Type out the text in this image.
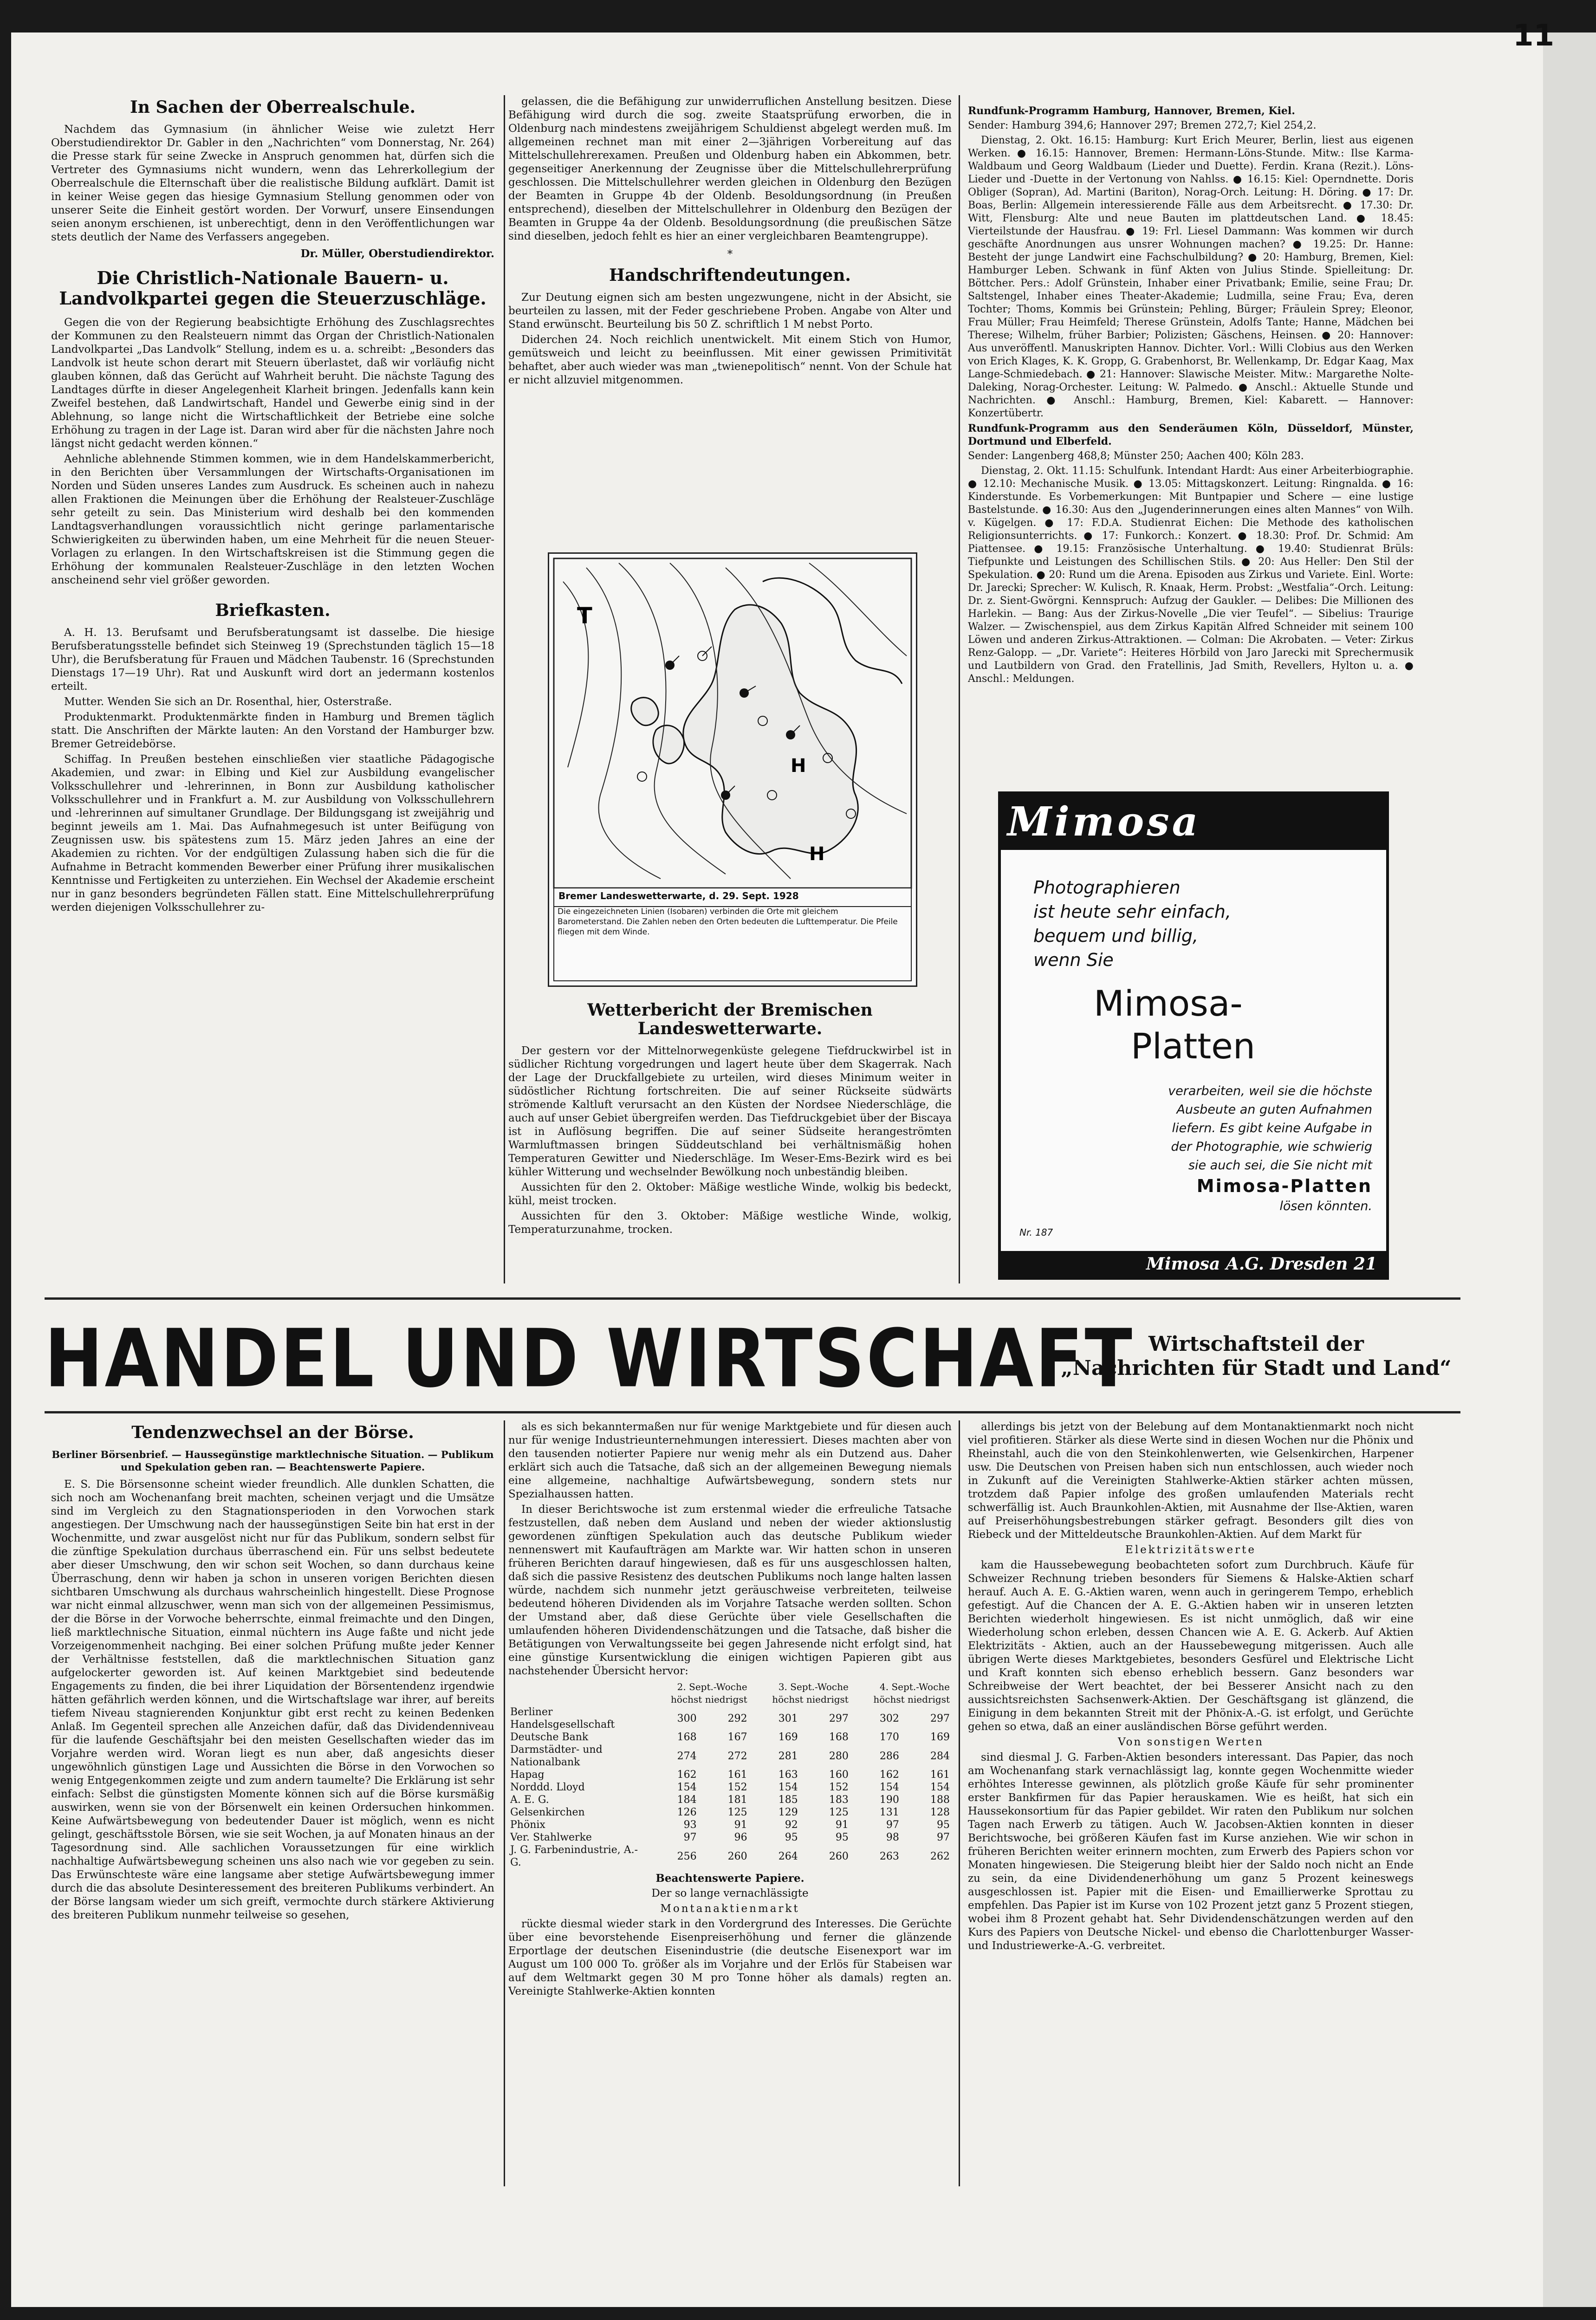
11
In Sachen der Oberrealschule.

Nachdem das Gymnasium (in ähnlicher Weise wie zuletzt Herr Oberstudiendirektor Dr. Gabler in den „Nachrichten“ vom Donnerstag, Nr. 264) die Presse stark für seine Zwecke in Anspruch genommen hat, dürfen sich die Vertreter des Gymnasiums nicht wundern, wenn das Lehrerkollegium der Oberrealschule die Elternschaft über die realistische Bildung aufklärt. Damit ist in keiner Weise gegen das hiesige Gymnasium Stellung genommen oder von unserer Seite die Einheit gestört worden. Der Vorwurf, unsere Einsendungen seien anonym erschienen, ist unberechtigt, denn in den Veröffentlichungen war stets deutlich der Name des Verfassers angegeben.

Dr. Müller, Oberstudiendirektor.
Die Christlich-Nationale Bauern- u. Landvolkpartei gegen die Steuerzuschläge.

Gegen die von der Regierung beabsichtigte Erhöhung des Zuschlagsrechtes der Kommunen zu den Realsteuern nimmt das Organ der Christlich-Nationalen Landvolkpartei „Das Landvolk“ Stellung, indem es u. a. schreibt: „Besonders das Landvolk ist heute schon derart mit Steuern überlastet, daß wir vorläufig nicht glauben können, daß das Gerücht auf Wahrheit beruht. Die nächste Tagung des Landtages dürfte in dieser Angelegenheit Klarheit bringen. Jedenfalls kann kein Zweifel bestehen, daß Landwirtschaft, Handel und Gewerbe einig sind in der Ablehnung, so lange nicht die Wirtschaftlichkeit der Betriebe eine solche Erhöhung zu tragen in der Lage ist. Daran wird aber für die nächsten Jahre noch längst nicht gedacht werden können.“

Aehnliche ablehnende Stimmen kommen, wie in dem Handelskammerbericht, in den Berichten über Versammlungen der Wirtschafts-Organisationen im Norden und Süden unseres Landes zum Ausdruck. Es scheinen auch in nahezu allen Fraktionen die Meinungen über die Erhöhung der Realsteuer-Zuschläge sehr geteilt zu sein. Das Ministerium wird deshalb bei den kommenden Landtagsverhandlungen voraussichtlich nicht geringe parlamentarische Schwierigkeiten zu überwinden haben, um eine Mehrheit für die neuen Steuer-Vorlagen zu erlangen. In den Wirtschaftskreisen ist die Stimmung gegen die Erhöhung der kommunalen Realsteuer-Zuschläge in den letzten Wochen anscheinend sehr viel größer geworden.

Briefkasten.

A. H. 13. Berufsamt und Berufsberatungsamt ist dasselbe. Die hiesige Berufsberatungsstelle befindet sich Steinweg 19 (Sprechstunden täglich 15—18 Uhr), die Berufsberatung für Frauen und Mädchen Taubenstr. 16 (Sprechstunden Dienstags 17—19 Uhr). Rat und Auskunft wird dort an jedermann kostenlos erteilt.

Mutter. Wenden Sie sich an Dr. Rosenthal, hier, Osterstraße.

Produktenmarkt. Produktenmärkte finden in Hamburg und Bremen täglich statt. Die Anschriften der Märkte lauten: An den Vorstand der Hamburger bzw. Bremer Getreidebörse.

Schiffag. In Preußen bestehen einschließen vier staatliche Pädagogische Akademien, und zwar: in Elbing und Kiel zur Ausbildung evangelischer Volksschullehrer und -lehrerinnen, in Bonn zur Ausbildung katholischer Volksschullehrer und in Frankfurt a. M. zur Ausbildung von Volksschullehrern und -lehrerinnen auf simultaner Grundlage. Der Bildungsgang ist zweijährig und beginnt jeweils am 1. Mai. Das Aufnahmegesuch ist unter Beifügung von Zeugnissen usw. bis spätestens zum 15. März jeden Jahres an eine der Akademien zu richten. Vor der endgültigen Zulassung haben sich die für die Aufnahme in Betracht kommenden Bewerber einer Prüfung ihrer musikalischen Kenntnisse und Fertigkeiten zu unterziehen. Ein Wechsel der Akademie erscheint nur in ganz besonders begründeten Fällen statt. Eine Mittelschullehrerprüfung werden diejenigen Volksschullehrer zu-

gelassen, die die Befähigung zur unwiderruflichen Anstellung besitzen. Diese Befähigung wird durch die sog. zweite Staatsprüfung erworben, die in Oldenburg nach mindestens zweijährigem Schuldienst abgelegt werden muß. Im allgemeinen rechnet man mit einer 2—3jährigen Vorbereitung auf das Mittelschullehrerexamen. Preußen und Oldenburg haben ein Abkommen, betr. gegenseitiger Anerkennung der Zeugnisse über die Mittelschullehrerprüfung geschlossen. Die Mittelschullehrer werden gleichen in Oldenburg den Bezügen der Beamten in Gruppe 4b der Oldenb. Besoldungsordnung (in Preußen entsprechend), dieselben der Mittelschullehrer in Oldenburg den Bezügen der Beamten in Gruppe 4a der Oldenb. Besoldungsordnung (die preußischen Sätze sind dieselben, jedoch fehlt es hier an einer vergleichbaren Beamtengruppe).

*
Handschriftendeutungen.

Zur Deutung eignen sich am besten ungezwungene, nicht in der Absicht, sie beurteilen zu lassen, mit der Feder geschriebene Proben. Angabe von Alter und Stand erwünscht. Beurteilung bis 50 Z. schriftlich 1 M nebst Porto.

Diderchen 24. Noch reichlich unentwickelt. Mit einem Stich von Humor, gemütsweich und leicht zu beeinflussen. Mit einer gewissen Primitivität behaftet, aber auch wieder was man „twienepolitisch“ nennt. Von der Schule hat er nicht allzuviel mitgenommen.

T
H
H
Bremer Landeswetterwarte, d. 29. Sept. 1928
Die eingezeichneten Linien (Isobaren) verbinden die Orte mit gleichem Barometerstand. Die Zahlen neben den Orten bedeuten die Lufttemperatur. Die Pfeile fliegen mit dem Winde.
Wetterbericht der Bremischen Landeswetterwarte.

Der gestern vor der Mittelnorwegenküste gelegene Tiefdruckwirbel ist in südlicher Richtung vorgedrungen und lagert heute über dem Skagerrak. Nach der Lage der Druckfallgebiete zu urteilen, wird dieses Minimum weiter in südöstlicher Richtung fortschreiten. Die auf seiner Rückseite südwärts strömende Kaltluft verursacht an den Küsten der Nordsee Niederschläge, die auch auf unser Gebiet übergreifen werden. Das Tiefdruckgebiet über der Biscaya ist in Auflösung begriffen. Die auf seiner Südseite herangeströmten Warmluftmassen bringen Süddeutschland bei verhältnismäßig hohen Temperaturen Gewitter und Niederschläge. Im Weser-Ems-Bezirk wird es bei kühler Witterung und wechselnder Bewölkung noch unbeständig bleiben.

Aussichten für den 2. Oktober: Mäßige westliche Winde, wolkig bis bedeckt, kühl, meist trocken.

Aussichten für den 3. Oktober: Mäßige westliche Winde, wolkig, Temperaturzunahme, trocken.

Rundfunk-Programm Hamburg, Hannover, Bremen, Kiel.

Sender: Hamburg 394,6; Hannover 297; Bremen 272,7; Kiel 254,2.

Dienstag, 2. Okt. 16.15: Hamburg: Kurt Erich Meurer, Berlin, liest aus eigenen Werken. ● 16.15: Hannover, Bremen: Hermann-Löns-Stunde. Mitw.: Ilse Karma-Waldbaum und Georg Waldbaum (Lieder und Duette). Ferdin. Krana (Rezit.). Löns-Lieder und -Duette in der Vertonung von Nahlss. ● 16.15: Kiel: Operndnette. Doris Obliger (Sopran), Ad. Martini (Bariton), Norag-Orch. Leitung: H. Döring. ● 17: Dr. Boas, Berlin: Allgemein interessierende Fälle aus dem Arbeitsrecht. ● 17.30: Dr. Witt, Flensburg: Alte und neue Bauten im plattdeutschen Land. ● 18.45: Vierteilstunde der Hausfrau. ● 19: Frl. Liesel Dammann: Was kommen wir durch geschäfte Anordnungen aus unsrer Wohnungen machen? ● 19.25: Dr. Hanne: Besteht der junge Landwirt eine Fachschulbildung? ● 20: Hamburg, Bremen, Kiel: Hamburger Leben. Schwank in fünf Akten von Julius Stinde. Spielleitung: Dr. Böttcher. Pers.: Adolf Grünstein, Inhaber einer Privatbank; Emilie, seine Frau; Dr. Saltstengel, Inhaber eines Theater-Akademie; Ludmilla, seine Frau; Eva, deren Tochter; Thoms, Kommis bei Grünstein; Pehling, Bürger; Fräulein Sprey; Eleonor, Frau Müller; Frau Heimfeld; Therese Grünstein, Adolfs Tante; Hanne, Mädchen bei Therese; Wilhelm, früher Barbier; Polizisten; Gäschens, Heinsen. ● 20: Hannover: Aus unveröffentl. Manuskripten Hannov. Dichter. Vorl.: Willi Clobius aus den Werken von Erich Klages, K. K. Gropp, G. Grabenhorst, Br. Wellenkamp, Dr. Edgar Kaag, Max Lange-Schmiedebach. ● 21: Hannover: Slawische Meister. Mitw.: Margarethe Nolte-Daleking, Norag-Orchester. Leitung: W. Palmedo. ● Anschl.: Aktuelle Stunde und Nachrichten. ● Anschl.: Hamburg, Bremen, Kiel: Kabarett. — Hannover: Konzertübertr.

Rundfunk-Programm aus den Senderäumen Köln, Düsseldorf, Münster, Dortmund und Elberfeld.

Sender: Langenberg 468,8; Münster 250; Aachen 400; Köln 283.

Dienstag, 2. Okt. 11.15: Schulfunk. Intendant Hardt: Aus einer Arbeiterbiographie. ● 12.10: Mechanische Musik. ● 13.05: Mittagskonzert. Leitung: Ringnalda. ● 16: Kinderstunde. Es Vorbemerkungen: Mit Buntpapier und Schere — eine lustige Bastelstunde. ● 16.30: Aus den „Jugenderinnerungen eines alten Mannes“ von Wilh. v. Kügelgen. ● 17: F.D.A. Studienrat Eichen: Die Methode des katholischen Religionsunterrichts. ● 17: Funkorch.: Konzert. ● 18.30: Prof. Dr. Schmid: Am Piattensee. ● 19.15: Französische Unterhaltung. ● 19.40: Studienrat Brüls: Tiefpunkte und Leistungen des Schillischen Stils. ● 20: Aus Heller: Den Stil der Spekulation. ● 20: Rund um die Arena. Episoden aus Zirkus und Variete. Einl. Worte: Dr. Jarecki; Sprecher: W. Kulisch, R. Knaak, Herm. Probst: „Westfalia“-Orch. Leitung: Dr. z. Sient-Gwörgni. Kennspruch: Aufzug der Gaukler. — Delibes: Die Millionen des Harlekin. — Bang: Aus der Zirkus-Novelle „Die vier Teufel“. — Sibelius: Traurige Walzer. — Zwischenspiel, aus dem Zirkus Kapitän Alfred Schneider mit seinem 100 Löwen und anderen Zirkus-Attraktionen. — Colman: Die Akrobaten. — Veter: Zirkus Renz-Galopp. — „Dr. Variete“: Heiteres Hörbild von Jaro Jarecki mit Sprechermusik und Lautbildern von Grad. den Fratellinis, Jad Smith, Revellers, Hylton u. a. ● Anschl.: Meldungen.

Mimosa
Photographieren
ist heute sehr einfach,
bequem und billig,
wenn Sie
Mimosa-
Platten
verarbeiten, weil sie die höchste
Ausbeute an guten Aufnahmen
liefern. Es gibt keine Aufgabe in
der Photographie, wie schwierig
sie auch sei, die Sie nicht mit
Mimosa-Platten
lösen könnten.
Nr. 187
Mimosa A.G. Dresden 21
HANDEL UND WIRTSCHAFT Wirtschaftsteil der
„Nachrichten für Stadt und Land“
Tendenzwechsel an der Börse.

Berliner Börsenbrief. — Haussegünstige marktlechnische Situation. — Publikum und Spekulation geben ran. — Beachtenswerte Papiere.

E. S. Die Börsensonne scheint wieder freundlich. Alle dunklen Schatten, die sich noch am Wochenanfang breit machten, scheinen verjagt und die Umsätze sind im Vergleich zu den Stagnationsperioden in den Vorwochen stark angestiegen. Der Umschwung nach der haussegünstigen Seite bin hat erst in der Wochenmitte, und zwar ausgelöst nicht nur für das Publikum, sondern selbst für die zünftige Spekulation durchaus überraschend ein. Für uns selbst bedeutete aber dieser Umschwung, den wir schon seit Wochen, so dann durchaus keine Überraschung, denn wir haben ja schon in unseren vorigen Berichten diesen sichtbaren Umschwung als durchaus wahrscheinlich hingestellt. Diese Prognose war nicht einmal allzuschwer, wenn man sich von der allgemeinen Pessimismus, der die Börse in der Vorwoche beherrschte, einmal freimachte und den Dingen, ließ marktlechnische Situation, einmal nüchtern ins Auge faßte und nicht jede Vorzeigenommenheit nachging. Bei einer solchen Prüfung mußte jeder Kenner der Verhältnisse feststellen, daß die marktlechnischen Situation ganz aufgelockerter geworden ist. Auf keinen Marktgebiet sind bedeutende Engagements zu finden, die bei ihrer Liquidation der Börsentendenz irgendwie hätten gefährlich werden können, und die Wirtschaftslage war ihrer, auf bereits tiefem Niveau stagnierenden Konjunktur gibt erst recht zu keinen Bedenken Anlaß. Im Gegenteil sprechen alle Anzeichen dafür, daß das Dividendenniveau für die laufende Geschäftsjahr bei den meisten Gesellschaften wieder das im Vorjahre werden wird. Woran liegt es nun aber, daß angesichts dieser ungewöhnlich günstigen Lage und Aussichten die Börse in den Vorwochen so wenig Entgegenkommen zeigte und zum andern taumelte? Die Erklärung ist sehr einfach: Selbst die günstigsten Momente können sich auf die Börse kursmäßig auswirken, wenn sie von der Börsenwelt ein keinen Ordersuchen hinkommen. Keine Aufwärtsbewegung von bedeutender Dauer ist möglich, wenn es nicht gelingt, geschäftsstole Börsen, wie sie seit Wochen, ja auf Monaten hinaus an der Tagesordnung sind. Alle sachlichen Voraussetzungen für eine wirklich nachhaltige Aufwärtsbewegung scheinen uns also nach wie vor gegeben zu sein. Das Erwünschteste wäre eine langsame aber stetige Aufwärtsbewegung immer durch die das absolute Desinteressement des breiteren Publikums verbindert. An der Börse langsam wieder um sich greift, vermochte durch stärkere Aktivierung des breiteren Publikum nunmehr teilweise so gesehen,

als es sich bekanntermaßen nur für wenige Marktgebiete und für diesen auch nur für wenige Industrieunternehmungen interessiert. Dieses machten aber von den tausenden notierter Papiere nur wenig mehr als ein Dutzend aus. Daher erklärt sich auch die Tatsache, daß sich an der allgemeinen Bewegung niemals eine allgemeine, nachhaltige Aufwärtsbewegung, sondern stets nur Spezialhaussen hatten.

In dieser Berichtswoche ist zum erstenmal wieder die erfreuliche Tatsache festzustellen, daß neben dem Ausland und neben der wieder aktionslustig gewordenen zünftigen Spekulation auch das deutsche Publikum wieder nennenswert mit Kaufaufträgen am Markte war. Wir hatten schon in unseren früheren Berichten darauf hingewiesen, daß es für uns ausgeschlossen halten, daß sich die passive Resistenz des deutschen Publikums noch lange halten lassen würde, nachdem sich nunmehr jetzt geräuschweise verbreiteten, teilweise bedeutend höheren Dividenden als im Vorjahre Tatsache werden sollten. Schon der Umstand aber, daß diese Gerüchte über viele Gesellschaften die umlaufenden höheren Dividendenschätzungen und die Tatsache, daß bisher die Betätigungen von Verwaltungsseite bei gegen Jahresende nicht erfolgt sind, hat eine günstige Kursentwicklung die einigen wichtigen Papieren gibt aus nachstehender Übersicht hervor:

	2. Sept.-Woche höchst niedrigst		3. Sept.-Woche höchst niedrigst		4. Sept.-Woche höchst niedrigst	
Berliner Handelsgesellschaft	300	292	301	297	302	297
Deutsche Bank	168	167	169	168	170	169
Darmstädter- und Nationalbank	274	272	281	280	286	284
Hapag	162	161	163	160	162	161
Norddd. Lloyd	154	152	154	152	154	154
A. E. G.	184	181	185	183	190	188
Gelsenkirchen	126	125	129	125	131	128
Phönix	93	91	92	91	97	95
Ver. Stahlwerke	97	96	95	95	98	97
J. G. Farbenindustrie, A.-G.	256	260	264	260	263	262

Beachtenswerte Papiere.

Der so lange vernachlässigte

Montanaktienmarkt

rückte diesmal wieder stark in den Vordergrund des Interesses. Die Gerüchte über eine bevorstehende Eisenpreiserhöhung und ferner die glänzende Erportlage der deutschen Eisenindustrie (die deutsche Eisenexport war im August um 100 000 To. größer als im Vorjahre und der Erlös für Stabeisen war auf dem Weltmarkt gegen 30 M pro Tonne höher als damals) regten an. Vereinigte Stahlwerke-Aktien konnten

allerdings bis jetzt von der Belebung auf dem Montanaktienmarkt noch nicht viel profitieren. Stärker als diese Werte sind in diesen Wochen nur die Phönix und Rheinstahl, auch die von den Steinkohlenwerten, wie Gelsenkirchen, Harpener usw. Die Deutschen von Preisen haben sich nun entschlossen, auch wieder noch in Zukunft auf die Vereinigten Stahlwerke-Aktien stärker achten müssen, trotzdem daß Papier infolge des großen umlaufenden Materials recht schwerfällig ist. Auch Braunkohlen-Aktien, mit Ausnahme der Ilse-Aktien, waren auf Preiserhöhungsbestrebungen stärker gefragt. Besonders gilt dies von Riebeck und der Mitteldeutsche Braunkohlen-Aktien. Auf dem Markt für

Elektrizitätswerte

kam die Haussebewegung beobachteten sofort zum Durchbruch. Käufe für Schweizer Rechnung trieben besonders für Siemens & Halske-Aktien scharf herauf. Auch A. E. G.-Aktien waren, wenn auch in geringerem Tempo, erheblich gefestigt. Auf die Chancen der A. E. G.-Aktien haben wir in unseren letzten Berichten wiederholt hingewiesen. Es ist nicht unmöglich, daß wir eine Wiederholung schon erleben, dessen Chancen wie A. E. G. Ackerb. Auf Aktien Elektrizitäts - Aktien, auch an der Haussebewegung mitgerissen. Auch alle übrigen Werte dieses Marktgebietes, besonders Gesfürel und Elektrische Licht und Kraft konnten sich ebenso erheblich bessern. Ganz besonders war Schreibweise der Wert beachtet, der bei Besserer Ansicht nach zu den aussichtsreichsten Sachsenwerk-Aktien. Der Geschäftsgang ist glänzend, die Einigung in dem bekannten Streit mit der Phönix-A.-G. ist erfolgt, und Gerüchte gehen so etwa, daß an einer ausländischen Börse geführt werden.

Von sonstigen Werten

sind diesmal J. G. Farben-Aktien besonders interessant. Das Papier, das noch am Wochenanfang stark vernachlässigt lag, konnte gegen Wochenmitte wieder erhöhtes Interesse gewinnen, als plötzlich große Käufe für sehr prominenter erster Bankfirmen für das Papier herauskamen. Wie es heißt, hat sich ein Haussekonsortium für das Papier gebildet. Wir raten den Publikum nur solchen Tagen nach Erwerb zu tätigen. Auch W. Jacobsen-Aktien konnten in dieser Berichtswoche, bei größeren Käufen fast im Kurse anziehen. Wie wir schon in früheren Berichten weiter erinnern mochten, zum Erwerb des Papiers schon vor Monaten hingewiesen. Die Steigerung bleibt hier der Saldo noch nicht an Ende zu sein, da eine Dividendenerhöhung um ganz 5 Prozent keineswegs ausgeschlossen ist. Papier mit die Eisen- und Emaillierwerke Sprottau zu empfehlen. Das Papier ist im Kurse von 102 Prozent jetzt ganz 5 Prozent stiegen, wobei ihm 8 Prozent gehabt hat. Sehr Dividendenschätzungen werden auf den Kurs des Papiers von Deutsche Nickel- und ebenso die Charlottenburger Wasser- und Industriewerke-A.-G. verbreitet.
